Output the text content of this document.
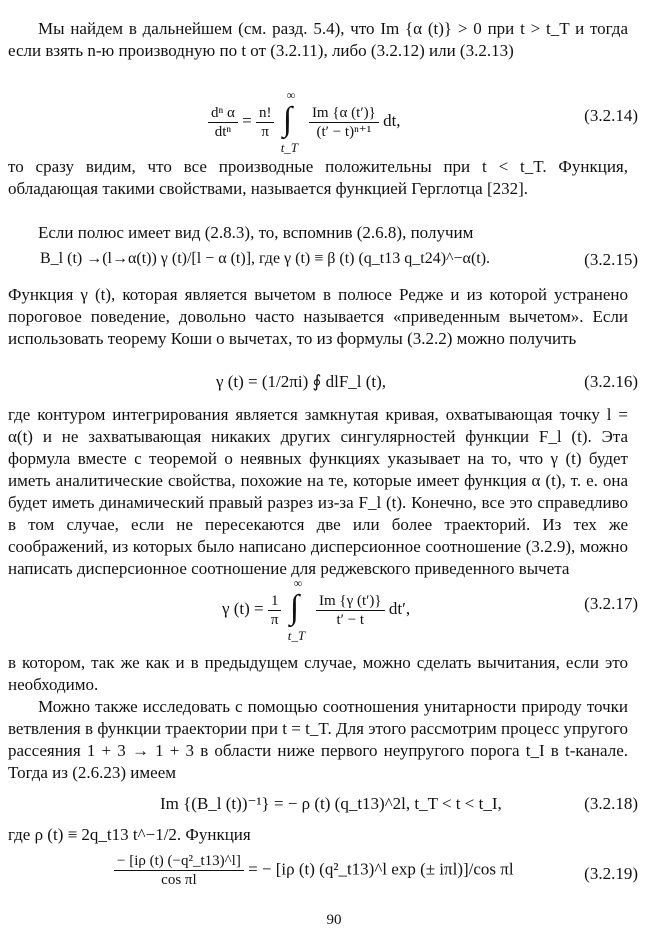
Мы найдем в дальнейшем (см. разд. 5.4), что Im {α (t)} > 0 при t > t_T и тогда если взять n-ю производную по t от (3.2.11), либо (3.2.12) или (3.2.13)

$\frac{\text{dⁿ α}}{\text{dtⁿ}} = \frac{n!}{\pi}$

∞
∫
t_T

$\frac{Im \{\alpha (t')\}}{\text{(t′ − t)ⁿ⁺¹}}$ dt,	(3.2.14)

то сразу видим, что все производные положительны при t < t_T. Функция, обладающая такими свойствами, называется функцией Герглотца [232].

Если полюс имеет вид (2.8.3), то, вспомнив (2.6.8), получим

B_l (t) →(l→α(t)) γ (t)/[l − α (t)], где γ (t) ≡ β (t) (q_t13 q_t24)^−α(t).	(3.2.15)

Функция γ (t), которая является вычетом в полюсе Редже и из которой устранено пороговое поведение, довольно часто называется «приведенным вычетом». Если использовать теорему Коши о вычетах, то из формулы (3.2.2) можно получить

γ (t) = (1/2πi) ∮ dlF_l (t),	(3.2.16)

где контуром интегрирования является замкнутая кривая, охватывающая точку l = α(t) и не захватывающая никаких других сингулярностей функции F_l (t). Эта формула вместе с теоремой о неявных функциях указывает на то, что γ (t) будет иметь аналитические свойства, похожие на те, которые имеет функция α (t), т. е. она будет иметь динамический правый разрез из-за F_l (t). Конечно, все это справедливо в том случае, если не пересекаются две или более траекторий. Из тех же соображений, из которых было написано дисперсионное соотношение (3.2.9), можно написать дисперсионное соотношение для реджевского приведенного вычета

γ $(t) = \frac{1}{\pi}$

∞
∫
t_T

$\frac{Im \{\gamma (t')\}}{t' - t} dt'$,	(3.2.17)

в котором, так же как и в предыдущем случае, можно сделать вычитания, если это необходимо.

Можно также исследовать с помощью соотношения унитарности природу точки ветвления в функции траектории при t = t_T. Для этого рассмотрим процесс упругого рассеяния 1 + 3 → 1 + 3 в области ниже первого неупругого порога t_I в t-канале. Тогда из (2.6.23) имеем

Im {(B_l (t))⁻¹} = − ρ (t) (q_t13)^2l, t_T < t < t_I,	(3.2.18)

где ρ (t) ≡ 2q_t13 t^−1/2. Функция

$\frac{\text{− [iρ (t) (−q²\_t13)\textasciicircum{}l]}}{\text{cos πl}}$ = − [iρ (t) (q²_t13)^l exp (± iπl)]/cos πl	(3.2.19)
90
